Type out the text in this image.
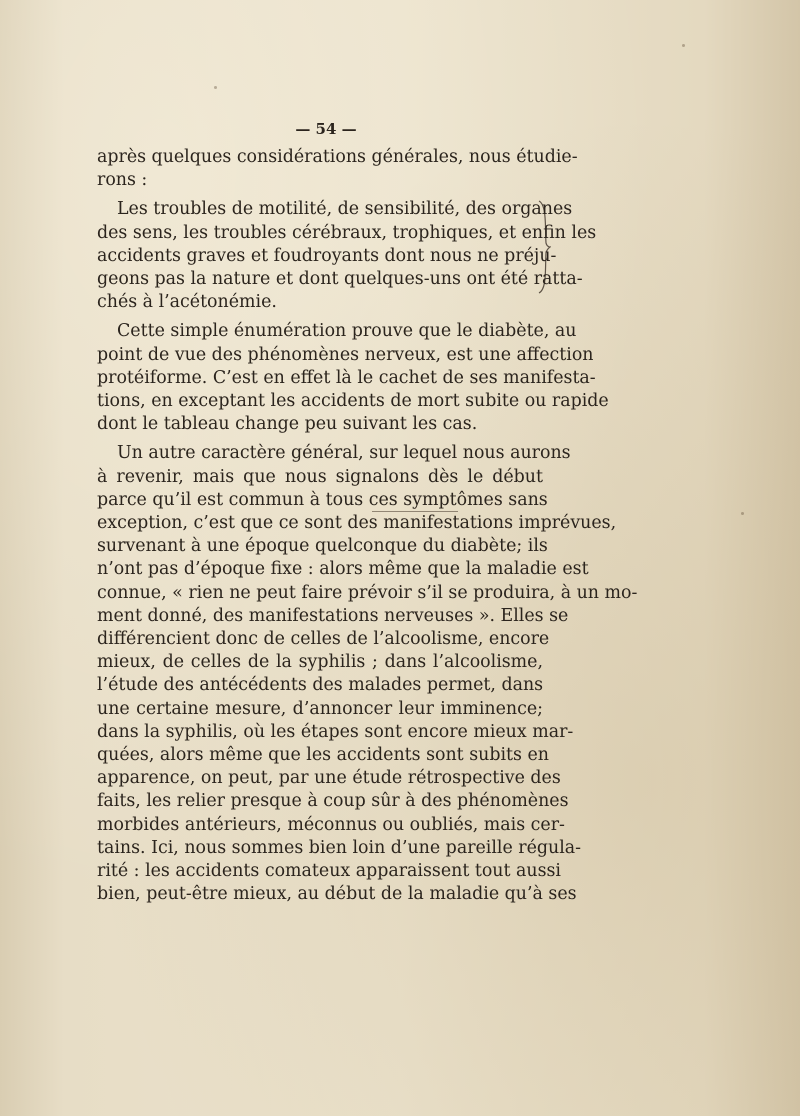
— 54 —
après quelques considérations générales, nous étudie-
rons :
Les troubles de motilité, de sensibilité, des organes
des sens, les troubles cérébraux, trophiques, et enfin les
accidents graves et foudroyants dont nous ne préju-
geons pas la nature et dont quelques-uns ont été ratta-
chés à l’acétonémie.
Cette simple énumération prouve que le diabète, au
point de vue des phénomènes nerveux, est une affection
protéiforme. C’est en effet là le cachet de ses manifesta-
tions, en exceptant les accidents de mort subite ou rapide
dont le tableau change peu suivant les cas.
Un autre caractère général, sur lequel nous aurons
à revenir, mais que nous signalons dès le début
parce qu’il est commun à tous ces symptômes sans
exception, c’est que ce sont des manifestations imprévues,
survenant à une époque quelconque du diabète; ils
n’ont pas d’époque fixe : alors même que la maladie est
connue, « rien ne peut faire prévoir s’il se produira, à un mo-
ment donné, des manifestations nerveuses ». Elles se
différencient donc de celles de l’alcoolisme, encore
mieux, de celles de la syphilis ; dans l’alcoolisme,
l’étude des antécédents des malades permet, dans
une certaine mesure, d’annoncer leur imminence;
dans la syphilis, où les étapes sont encore mieux mar-
quées, alors même que les accidents sont subits en
apparence, on peut, par une étude rétrospective des
faits, les relier presque à coup sûr à des phénomènes
morbides antérieurs, méconnus ou oubliés, mais cer-
tains. Ici, nous sommes bien loin d’une pareille régula-
rité : les accidents comateux apparaissent tout aussi
bien, peut-être mieux, au début de la maladie qu’à ses
